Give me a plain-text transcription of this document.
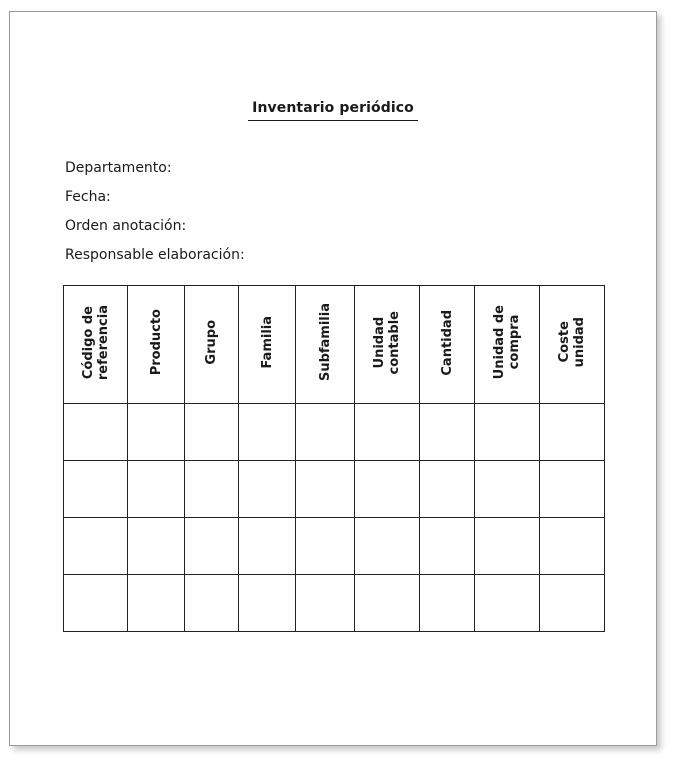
Inventario periódico
Departamento:
Fecha:
Orden anotación:
Responsable elaboración:
Código de
referencia	Producto	Grupo	Familia	Subfamilia	Unidad
contable	Cantidad	Unidad de
compra	Coste
unidad
